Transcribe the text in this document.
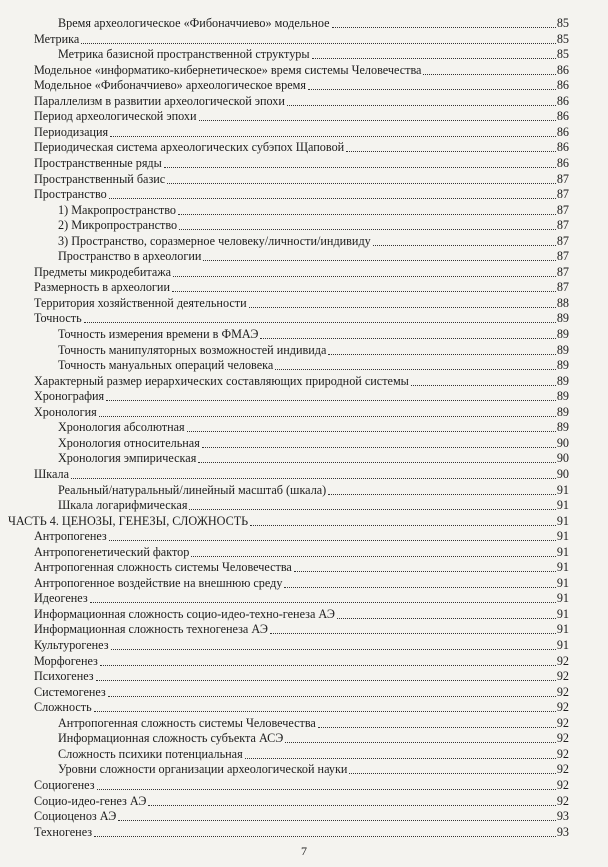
Время археологическое «Фибоначчиево» модельное	85
Метрика	85
Метрика базисной пространственной структуры	85
Модельное «информатико-кибернетическое» время системы Человечества	86
Модельное «Фибоначчиево» археологическое время	86
Параллелизм в развитии археологической эпохи	86
Период археологической эпохи	86
Периодизация	86
Периодическая система археологических субэпох Щаповой	86
Пространственные ряды	86
Пространственный базис	87
Пространство	87
1) Макропространство	87
2) Микропространство	87
3) Пространство, соразмерное человеку/личности/индивиду	87
Пространство в археологии	87
Предметы микродебитажа	87
Размерность в археологии	87
Территория хозяйственной деятельности	88
Точность	89
Точность измерения времени в ФМАЭ	89
Точность манипуляторных возможностей индивида	89
Точность мануальных операций человека	89
Характерный размер иерархических составляющих природной системы	89
Хронография	89
Хронология	89
Хронология абсолютная	89
Хронология относительная	90
Хронология эмпирическая	90
Шкала	90
Реальный/натуральный/линейный масштаб (шкала)	91
Шкала логарифмическая	91
ЧАСТЬ 4. ЦЕНОЗЫ, ГЕНЕЗЫ, СЛОЖНОСТЬ	91
Антропогенез	91
Антропогенетический фактор	91
Антропогенная сложность системы Человечества	91
Антропогенное воздействие на внешнюю среду	91
Идеогенез	91
Информационная сложность социо-идео-техно-генеза АЭ	91
Информационная сложность техногенеза АЭ	91
Культурогенез	91
Морфогенез	92
Психогенез	92
Системогенез	92
Сложность	92
Антропогенная сложность системы Человечества	92
Информационная сложность субъекта АСЭ	92
Сложность психики потенциальная	92
Уровни сложности организации археологической науки	92
Социогенез	92
Социо-идео-генез АЭ	92
Социоценоз АЭ	93
Техногенез	93
7
